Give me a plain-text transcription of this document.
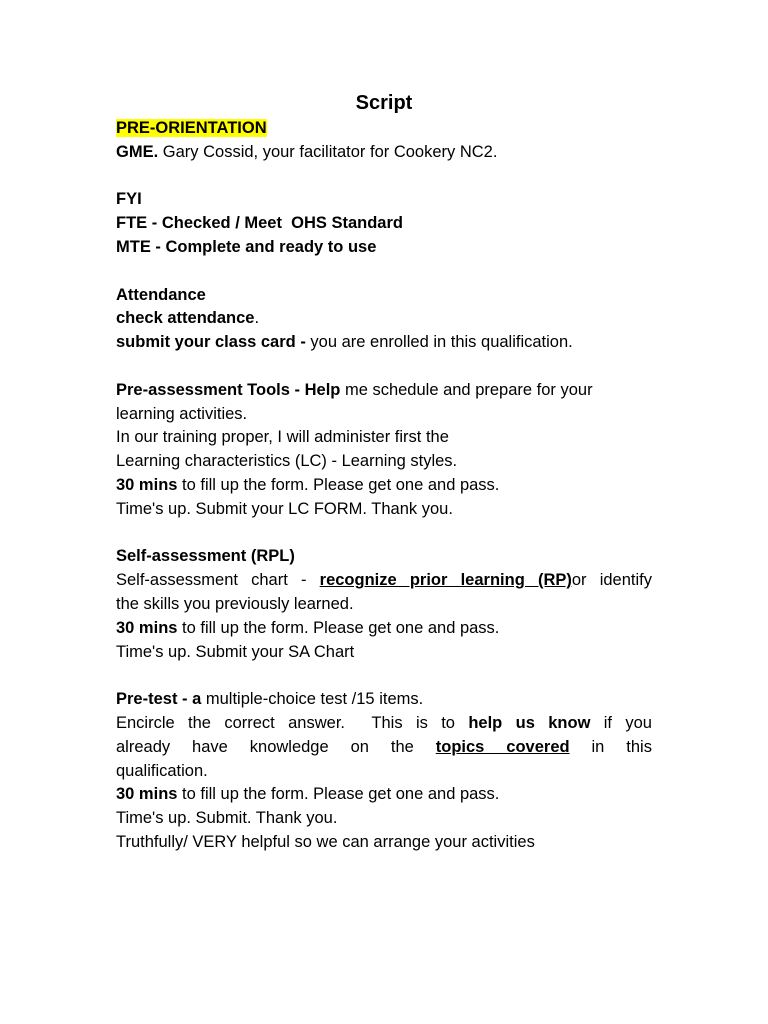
Script
PRE-ORIENTATION
GME. Gary Cossid, your facilitator for Cookery NC2.
FYI
FTE - Checked / Meet  OHS Standard
MTE - Complete and ready to use
Attendance
check attendance.
submit your class card - you are enrolled in this qualification.
Pre-assessment Tools - Help me schedule and prepare for your
learning activities.
In our training proper, I will administer first the
Learning characteristics (LC) - Learning styles.
30 mins to fill up the form. Please get one and pass.
Time's up. Submit your LC FORM. Thank you.
Self-assessment (RPL)
Self-assessment chart - recognize prior learning (RP)or identify
the skills you previously learned.
30 mins to fill up the form. Please get one and pass.
Time's up. Submit your SA Chart
Pre-test - a multiple-choice test /15 items.
Encircle the correct answer.  This is to help us know if you
already have knowledge on the topics covered in this
qualification.
30 mins to fill up the form. Please get one and pass.
Time's up. Submit. Thank you.
Truthfully/ VERY helpful so we can arrange your activities
